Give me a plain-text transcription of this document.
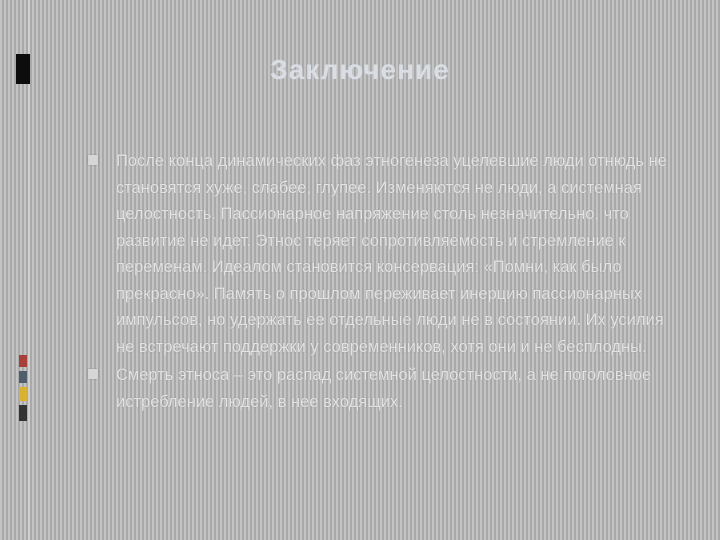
Заключение
После конца динамических фаз этногенеза уцелевшие люди отнюдь не становятся хуже, слабее, глупее. Изменяются не люди, а системная целостность. Пассионарное напряжение столь незначительно, что развитие не идет. Этнос теряет сопротивляемость и стремление к переменам. Идеалом становится консервация: «Помни, как было прекрасно». Память о прошлом переживает инерцию пассионарных импульсов, но удержать ее отдельные люди не в состоянии. Их усилия не встречают поддержки у современников, хотя они и не бесплодны.
Смерть этноса – это распад системной целостности, а не поголовное истребление людей, в нее входящих.
